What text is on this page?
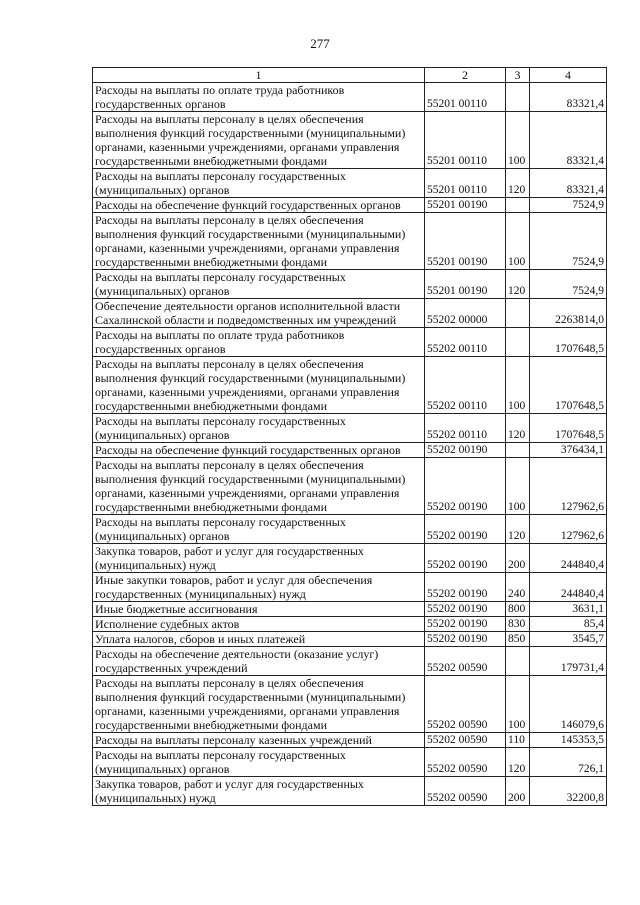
277
1	2	3	4
Расходы на выплаты по оплате труда работников государственных органов	55201 00110		83321,4
Расходы на выплаты персоналу в целях обеспечения выполнения функций государственными (муниципальными) органами, казенными учреждениями, органами управления государственными внебюджетными фондами	55201 00110	100	83321,4
Расходы на выплаты персоналу государственных (муниципальных) органов	55201 00110	120	83321,4
Расходы на обеспечение функций государственных органов	55201 00190		7524,9
Расходы на выплаты персоналу в целях обеспечения выполнения функций государственными (муниципальными) органами, казенными учреждениями, органами управления государственными внебюджетными фондами	55201 00190	100	7524,9
Расходы на выплаты персоналу государственных (муниципальных) органов	55201 00190	120	7524,9
Обеспечение деятельности органов исполнительной власти Сахалинской области и подведомственных им учреждений	55202 00000		2263814,0
Расходы на выплаты по оплате труда работников государственных органов	55202 00110		1707648,5
Расходы на выплаты персоналу в целях обеспечения выполнения функций государственными (муниципальными) органами, казенными учреждениями, органами управления государственными внебюджетными фондами	55202 00110	100	1707648,5
Расходы на выплаты персоналу государственных (муниципальных) органов	55202 00110	120	1707648,5
Расходы на обеспечение функций государственных органов	55202 00190		376434,1
Расходы на выплаты персоналу в целях обеспечения выполнения функций государственными (муниципальными) органами, казенными учреждениями, органами управления государственными внебюджетными фондами	55202 00190	100	127962,6
Расходы на выплаты персоналу государственных (муниципальных) органов	55202 00190	120	127962,6
Закупка товаров, работ и услуг для государственных (муниципальных) нужд	55202 00190	200	244840,4
Иные закупки товаров, работ и услуг для обеспечения государственных (муниципальных) нужд	55202 00190	240	244840,4
Иные бюджетные ассигнования	55202 00190	800	3631,1
Исполнение судебных актов	55202 00190	830	85,4
Уплата налогов, сборов и иных платежей	55202 00190	850	3545,7
Расходы на обеспечение деятельности (оказание услуг) государственных учреждений	55202 00590		179731,4
Расходы на выплаты персоналу в целях обеспечения выполнения функций государственными (муниципальными) органами, казенными учреждениями, органами управления государственными внебюджетными фондами	55202 00590	100	146079,6
Расходы на выплаты персоналу казенных учреждений	55202 00590	110	145353,5
Расходы на выплаты персоналу государственных (муниципальных) органов	55202 00590	120	726,1
Закупка товаров, работ и услуг для государственных (муниципальных) нужд	55202 00590	200	32200,8
